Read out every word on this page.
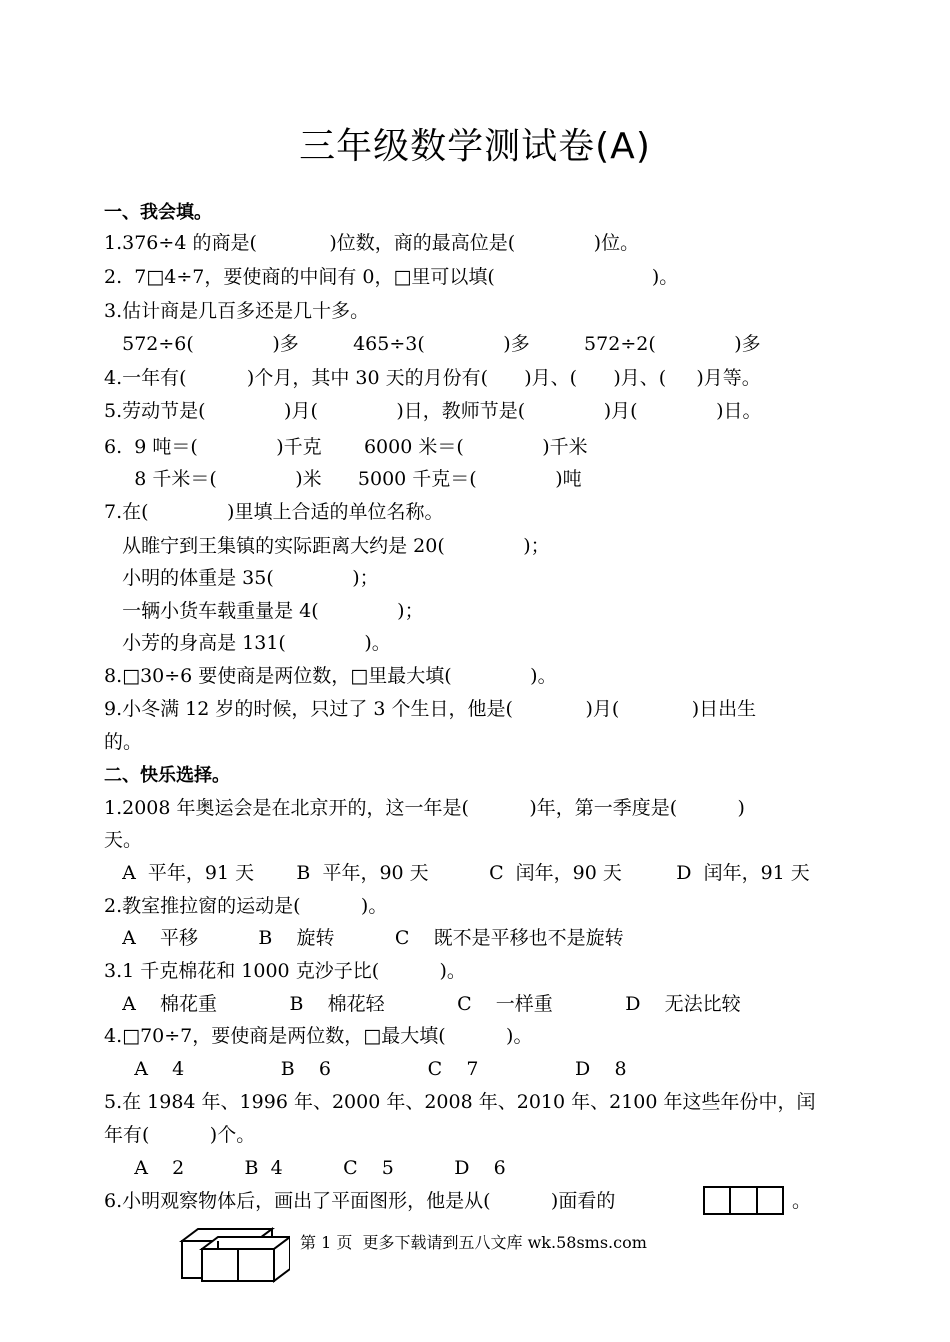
三年级数学测试卷(A)
一、我会填。
1.376÷4 的商是(            )位数，商的最高位是(             )位。
2.  7□4÷7，要使商的中间有 0，□里可以填(                          )。
3.估计商是几百多还是几十多。
572÷6(             )多         465÷3(             )多         572÷2(             )多
4.一年有(          )个月，其中 30 天的月份有(      )月、(      )月、(     )月等。
5.劳动节是(             )月(             )日，教师节是(             )月(             )日。
6.  9 吨＝(             )千克       6000 米＝(             )千米
8 千米＝(             )米      5000 千克＝(             )吨
7.在(             )里填上合适的单位名称。
从睢宁到王集镇的实际距离大约是 20(             )；
小明的体重是 35(             )；
一辆小货车载重量是 4(             )；
小芳的身高是 131(             )。
8.□30÷6 要使商是两位数，□里最大填(             )。
9.小冬满 12 岁的时候，只过了 3 个生日，他是(            )月(            )日出生
的。
二、快乐选择。
1.2008 年奥运会是在北京开的，这一年是(          )年，第一季度是(          )
天。
A  平年，91 天       B  平年，90 天          C  闰年，90 天         D  闰年，91 天
2.教室推拉窗的运动是(          )。
A    平移          B    旋转          C    既不是平移也不是旋转
3.1 千克棉花和 1000 克沙子比(          )。
A    棉花重            B    棉花轻            C    一样重            D    无法比较
4.□70÷7，要使商是两位数，□最大填(          )。
A    4                B    6                C    7                D    8
5.在 1984 年、1996 年、2000 年、2008 年、2010 年、2100 年这些年份中，闰
年有(          )个。
A    2          B  4          C    5          D    6
6.小明观察物体后，画出了平面图形，他是从(          )面看的	。
第 1 页  更多下载请到五八文库 wk.58sms.com
